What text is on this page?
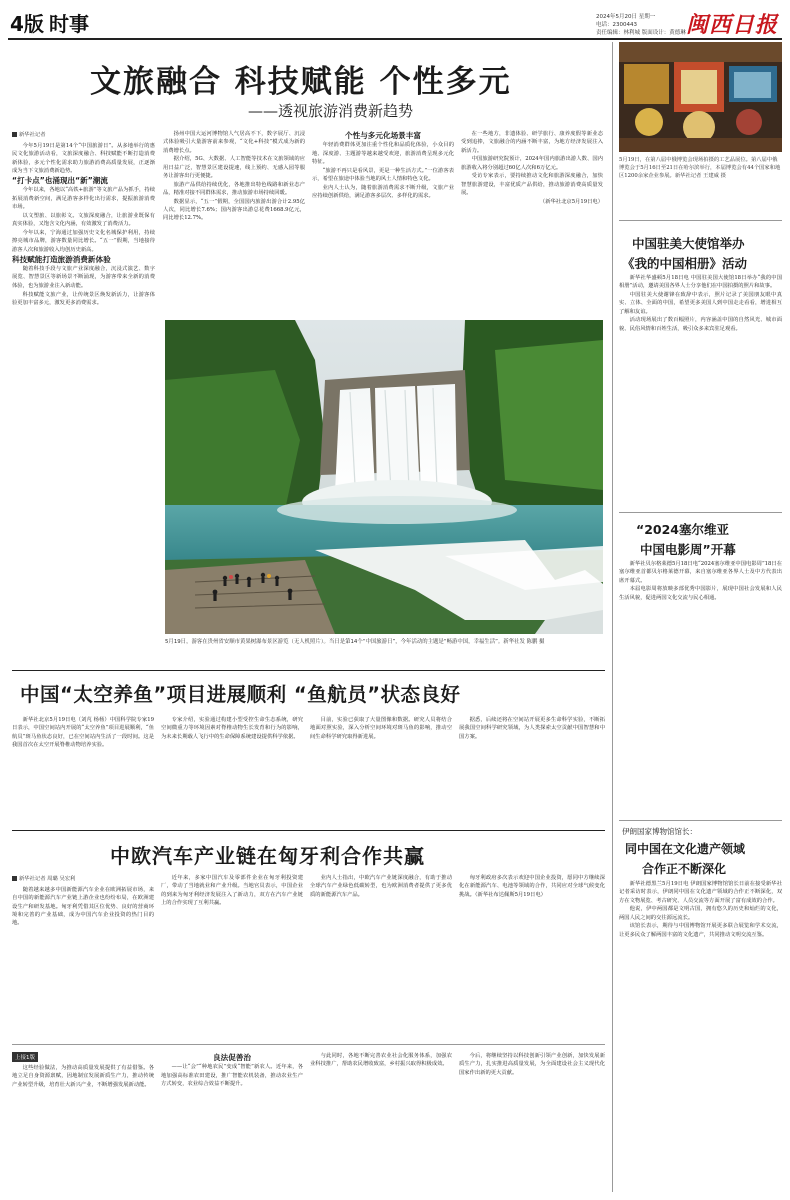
4版 时事	2024年5月20日 星期一
电话：2300443
责任编辑：林利城 版面设计：黄德琳 闽西日报
文旅融合 科技赋能 个性多元
——透视旅游消费新趋势
新华社记者

今年5月19日是第14个“中国旅游日”。从多地举行的惠民文化旅游活动看，文旅深度融合、科技赋能不断打造消费新体验，多元个性化需求助力旅游消费高质量发展，正逐渐成为当下文旅消费新趋势。

“打卡点”也涌现出“新”潮流

今年以来，各地以“高铁+旅游”等文旅产品为抓手，持续拓展消费新空间，满足游客多样化出行需求，提振旅游消费市场。

以文塑旅、以旅彰文。文旅深度融合，让旅游业既保有真实体验，又饱含文化内涵，有效激发了消费活力。

今年以来，宁海通过加强历史文化名城保护利用，持续擦亮城市品牌，游客数量同比增长。“五一”假期，当地接待游客人次和旅游收入均创历史新高。

科技赋能打造旅游消费新体验

随着科技手段与文旅产业深度融合，沉浸式演艺、数字展览、智慧景区等新场景不断涌现，为游客带来全新的消费体验，也为旅游业注入新动能。

科技赋能文旅产业，让传统景区焕发新活力，让游客体验更加丰富多元，激发更多消费需求。

扬州中国大运河博物馆人气居高不下，数字展厅、沉浸式体验吸引大量游客前来参观，“文化+科技”模式成为新的消费增长点。

据介绍，5G、大数据、人工智能等技术在文旅领域的应用日益广泛，智慧景区建设提速，线上预约、无感入园等服务让游客出行更便捷。

旅游产品供给持续优化，各地推出特色线路和新业态产品，精准对接不同群体需求，推动旅游市场持续回暖。

数据显示，“五一”假期，全国国内旅游出游合计2.95亿人次，同比增长7.6%；国内游客出游总花费1668.9亿元，同比增长12.7%。

个性与多元化场景丰富

年轻消费群体更加注重个性化和品质化体验，小众目的地、深度游、主题游等越来越受欢迎，旅游消费呈现多元化特征。

“旅游不再只是看风景，更是一种生活方式。”一位游客表示，希望在旅途中体验当地的风土人情和特色文化。

业内人士认为，随着旅游消费需求不断升级，文旅产业应持续创新供给，满足游客多层次、多样化的需求。

在一些地方，非遗体验、研学旅行、康养度假等新业态受到追捧，文旅融合的内涵不断丰富，为地方经济发展注入新活力。

中国旅游研究院预计，2024年国内旅游出游人数、国内旅游收入将分别超过60亿人次和6万亿元。

受访专家表示，要持续推动文化和旅游深度融合，加快智慧旅游建设，丰富优质产品供给，推动旅游消费高质量发展。

（新华社北京5月19日电）

5月19日，游客在贵州省安顺市黄果树瀑布景区游览（无人机照片）。当日是第14个“中国旅游日”，今年活动的主题是“畅游中国，幸福生活”。新华社发 陈鹏 摄
5月19日，在第八届中俄博览会现场拍摄的工艺品展位。第八届中俄博览会于5月16日至21日在哈尔滨举行，本届博览会有44个国家和地区1200余家企业参展。新华社记者 王建威 摄
中国驻美大使馆举办
《我的中国相册》活动

新华社华盛顿5月18日电 中国驻美国大使馆18日举办“我的中国相册”活动，邀请美国各界人士分享他们在中国拍摄的照片和故事。

中国驻美大使谢锋在致辞中表示，照片记录了美国朋友眼中真实、立体、全面的中国，希望更多美国人到中国走走看看，增进相互了解和友谊。

活动现场展出了数百幅照片，内容涵盖中国的自然风光、城市面貌、民俗风情和百姓生活，吸引众多来宾驻足观看。

“2024塞尔维亚
中国电影周”开幕

新华社贝尔格莱德5月18日电“2024塞尔维亚中国电影周”18日在塞尔维亚首都贝尔格莱德开幕，来自塞尔维亚各界人士及中方代表出席开幕式。

本届电影周将放映多部优秀中国影片，展现中国社会发展和人民生活风貌，促进两国文化交流与民心相通。

伊朗国家博物馆馆长：
同中国在文化遗产领域
合作正不断深化

新华社德黑兰5月19日电 伊朗国家博物馆馆长日前在接受新华社记者采访时表示，伊朗同中国在文化遗产领域的合作正不断深化，双方在文物展览、考古研究、人员交流等方面开展了富有成效的合作。

他说，伊中两国都是文明古国，拥有悠久的历史和灿烂的文化，两国人民之间的交往源远流长。

该馆长表示，期待与中国博物馆开展更多联合展览和学术交流，让更多民众了解两国丰富的文化遗产，共同推动文明交流互鉴。

中国“太空养鱼”项目进展顺利 “鱼航员”状态良好
新华社北京5月19日电（刘芃 杨杨）中国科学院专家19日表示，中国空间站内开展的“太空养鱼”项目进展顺利，“鱼航员”斑马鱼状态良好，已在空间站内生活了一段时间。这是我国首次在太空开展脊椎动物培养实验。
专家介绍，实验通过构建小型受控生命生态系统，研究空间微重力等环境因素对脊椎动物生长发育和行为的影响，为未来长期载人飞行中的生命保障系统建设提供科学依据。
目前，实验已获取了大量图像和数据。研究人员将结合地面对照实验，深入分析空间环境对斑马鱼的影响，推动空间生命科学研究取得新进展。
据悉，后续还将在空间站开展更多生命科学实验，不断拓展我国空间科学研究领域，为人类探索太空贡献中国智慧和中国方案。
中欧汽车产业链在匈牙利合作共赢
新华社记者 周璐 吴宏利
随着越来越多中国新能源汽车企业在欧洲拓展市场，来自中国的新能源汽车产业链上游企业也纷纷布局，在欧洲建设生产和研发基地。匈牙利凭借其区位优势、良好的营商环境和完善的产业基础，成为中国汽车企业投资的热门目的地。
近年来，多家中国汽车及零部件企业在匈牙利投资建厂，带动了当地就业和产业升级。当地官员表示，中国企业的到来为匈牙利经济发展注入了新动力，双方在汽车产业链上的合作实现了互利共赢。
业内人士指出，中欧汽车产业链深度融合，有助于推动全球汽车产业绿色低碳转型，也为欧洲消费者提供了更多优质的新能源汽车产品。
匈牙利政府多次表示欢迎中国企业投资，愿同中方继续深化在新能源汽车、电池等领域的合作，共同应对全球气候变化挑战。（新华社布达佩斯5月19日电）
上接1版
这些经验做法，为推动高质量发展提供了有益借鉴。各地立足自身资源禀赋，因地制宜发展新质生产力，推动传统产业转型升级，培育壮大新兴产业，不断增强发展新动能。
良法促善治

——让“会”“种地农民”变成“智能”新农人。近年来，各地加强高标准农田建设，推广智能农机装备，推动农业生产方式转变，农业综合效益不断提升。

与此同时，各地不断完善农业社会化服务体系，加强农业科技推广，帮助农民增收致富，乡村振兴取得积极成效。
今后，将继续坚持以科技创新引领产业创新，加快发展新质生产力，扎实推进高质量发展，为全面建设社会主义现代化国家作出新的更大贡献。
